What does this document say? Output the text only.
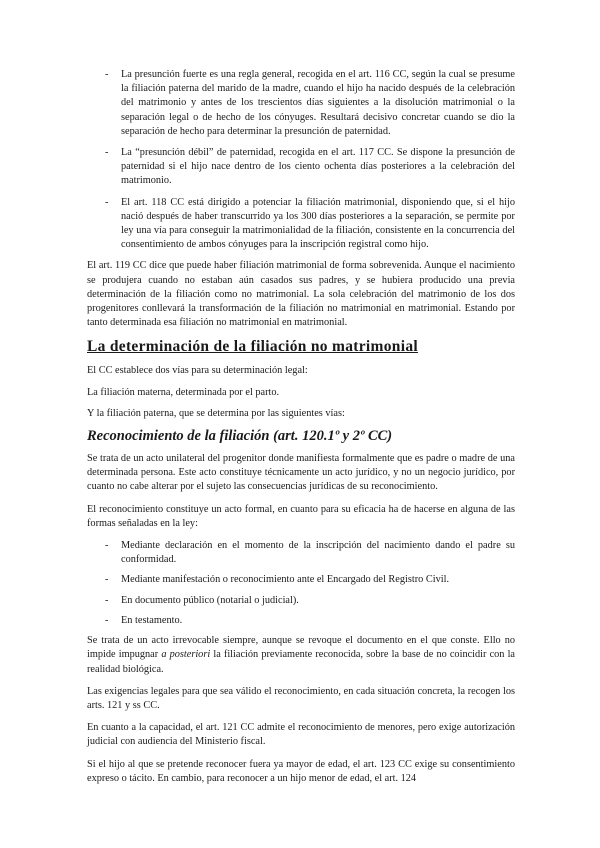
- La presunción fuerte es una regla general, recogida en el art. 116 CC, según la cual se presume la filiación paterna del marido de la madre, cuando el hijo ha nacido después de la celebración del matrimonio y antes de los trescientos días siguientes a la disolución matrimonial o la separación legal o de hecho de los cónyuges. Resultará decisivo concretar cuando se dio la separación de hecho para determinar la presunción de paternidad.

- La “presunción débil” de paternidad, recogida en el art. 117 CC. Se dispone la presunción de paternidad si el hijo nace dentro de los ciento ochenta días posteriores a la celebración del matrimonio.

- El art. 118 CC está dirigido a potenciar la filiación matrimonial, disponiendo que, si el hijo nació después de haber transcurrido ya los 300 días posteriores a la separación, se permite por ley una vía para conseguir la matrimonialidad de la filiación, consistente en la concurrencia del consentimiento de ambos cónyuges para la inscripción registral como hijo.

El art. 119 CC dice que puede haber filiación matrimonial de forma sobrevenida. Aunque el nacimiento se produjera cuando no estaban aún casados sus padres, y se hubiera producido una previa determinación de la filiación como no matrimonial. La sola celebración del matrimonio de los dos progenitores conllevará la transformación de la filiación no matrimonial en matrimonial. Estando por tanto determinada esa filiación no matrimonial en matrimonial.

La determinación de la filiación no matrimonial

El CC establece dos vías para su determinación legal:

La filiación materna, determinada por el parto.

Y la filiación paterna, que se determina por las siguientes vías:

Reconocimiento de la filiación (art. 120.1º y 2º CC)

Se trata de un acto unilateral del progenitor donde manifiesta formalmente que es padre o madre de una determinada persona. Este acto constituye técnicamente un acto jurídico, y no un negocio jurídico, por cuanto no cabe alterar por el sujeto las consecuencias jurídicas de su reconocimiento.

El reconocimiento constituye un acto formal, en cuanto para su eficacia ha de hacerse en alguna de las formas señaladas en la ley:

- Mediante declaración en el momento de la inscripción del nacimiento dando el padre su conformidad.

- Mediante manifestación o reconocimiento ante el Encargado del Registro Civil.

- En documento público (notarial o judicial).

- En testamento.

Se trata de un acto irrevocable siempre, aunque se revoque el documento en el que conste. Ello no impide impugnar a posteriori la filiación previamente reconocida, sobre la base de no coincidir con la realidad biológica.

Las exigencias legales para que sea válido el reconocimiento, en cada situación concreta, la recogen los arts. 121 y ss CC.

En cuanto a la capacidad, el art. 121 CC admite el reconocimiento de menores, pero exige autorización judicial con audiencia del Ministerio fiscal.

Si el hijo al que se pretende reconocer fuera ya mayor de edad, el art. 123 CC exige su consentimiento expreso o tácito. En cambio, para reconocer a un hijo menor de edad, el art. 124
